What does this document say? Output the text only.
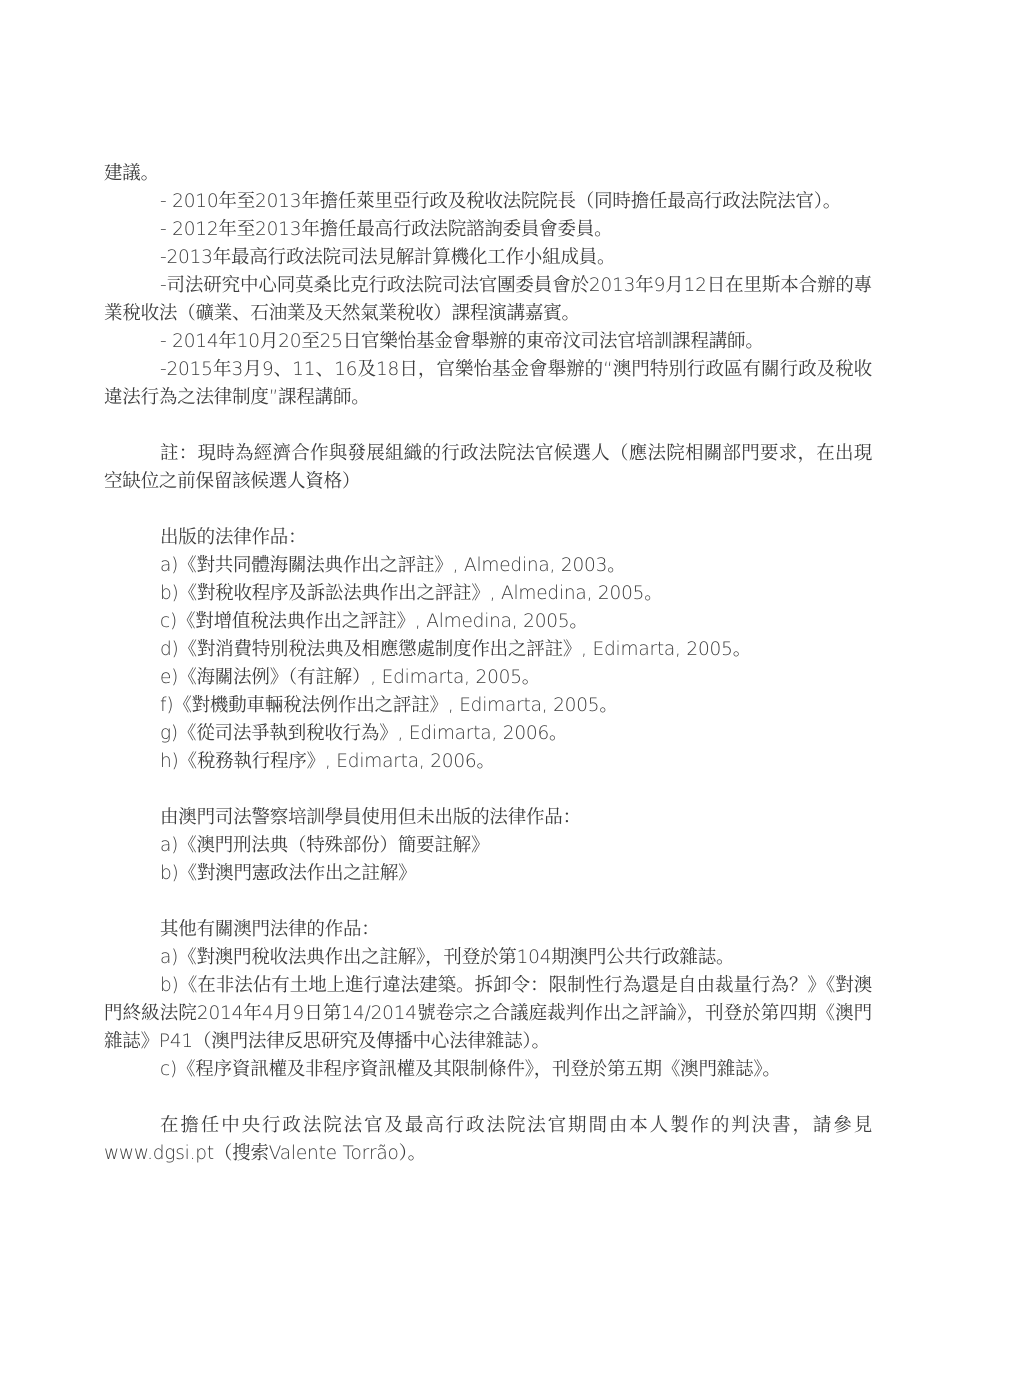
建議。

- 2010年至2013年擔任萊里亞行政及稅收法院院長（同時擔任最高行政法院法官）。

- 2012年至2013年擔任最高行政法院諮詢委員會委員。

-2013年最高行政法院司法見解計算機化工作小組成員。

-司法研究中心同莫桑比克行政法院司法官團委員會於2013年9月12日在里斯本合辦的專業稅收法（礦業、石油業及天然氣業稅收）課程演講嘉賓。

- 2014年10月20至25日官樂怡基金會舉辦的東帝汶司法官培訓課程講師。

-2015年3月9、11、16及18日，官樂怡基金會舉辦的“澳門特別行政區有關行政及稅收違法行為之法律制度”課程講師。

註：現時為經濟合作與發展組織的行政法院法官候選人（應法院相關部門要求，在出現空缺位之前保留該候選人資格）

出版的法律作品：

a)《對共同體海關法典作出之評註》, Almedina, 2003。

b)《對稅收程序及訴訟法典作出之評註》, Almedina, 2005。

c)《對增值稅法典作出之評註》, Almedina, 2005。

d)《對消費特別稅法典及相應懲處制度作出之評註》, Edimarta, 2005。

e)《海關法例》（有註解）, Edimarta, 2005。

f)《對機動車輛稅法例作出之評註》, Edimarta, 2005。

g)《從司法爭執到稅收行為》, Edimarta, 2006。

h)《稅務執行程序》, Edimarta, 2006。

由澳門司法警察培訓學員使用但未出版的法律作品：

a)《澳門刑法典（特殊部份）簡要註解》

b)《對澳門憲政法作出之註解》

其他有關澳門法律的作品：

a)《對澳門稅收法典作出之註解》，刊登於第104期澳門公共行政雜誌。

b)《在非法佔有土地上進行違法建築。拆卸令：限制性行為還是自由裁量行為？》《對澳門終級法院2014年4月9日第14/2014號卷宗之合議庭裁判作出之評論》，刊登於第四期《澳門雜誌》P41（澳門法律反思研究及傳播中心法律雜誌）。

c)《程序資訊權及非程序資訊權及其限制條件》，刊登於第五期《澳門雜誌》。

在擔任中央行政法院法官及最高行政法院法官期間由本人製作的判決書，請參見www.dgsi.pt（搜索Valente Torrão）。
